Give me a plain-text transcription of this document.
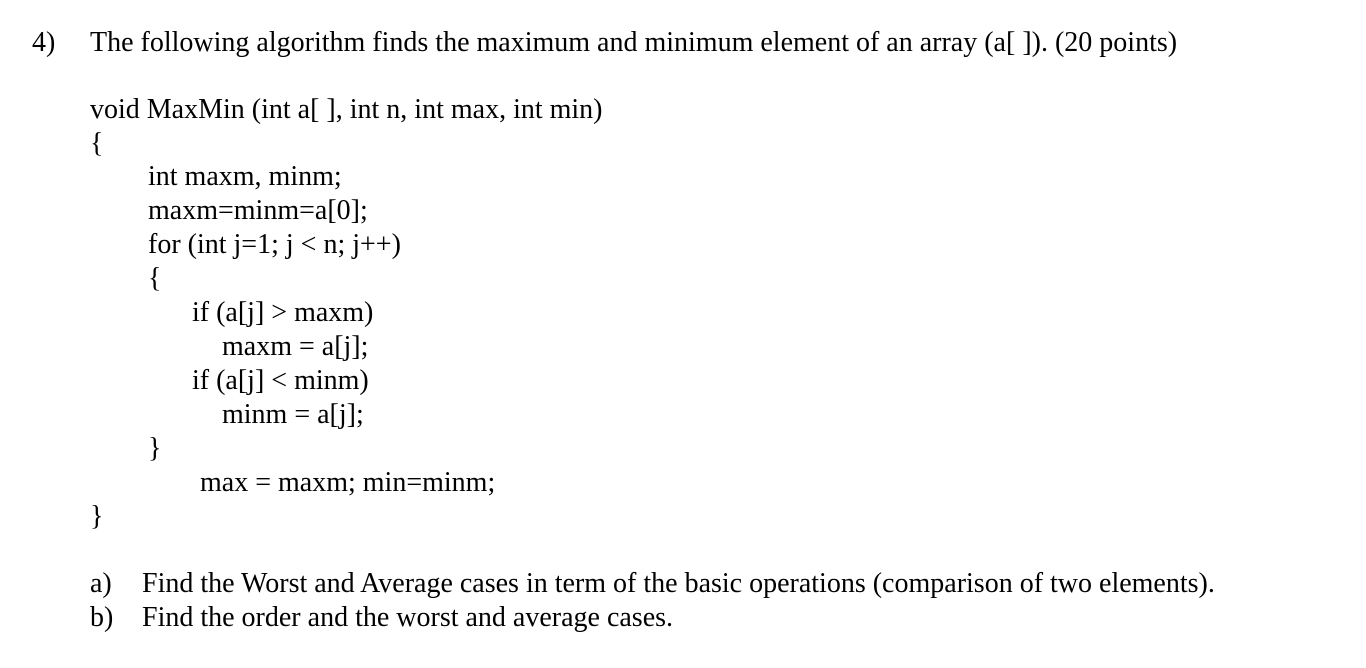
4) The following algorithm finds the maximum and minimum element of an array (a[ ]). (20 points)
void MaxMin (int a[ ], int n, int max, int min)
{
int maxm, minm;
maxm=minm=a[0];
for (int j=1; j < n; j++)
{
if (a[j] > maxm)
maxm = a[j];
if (a[j] < minm)
minm = a[j];
}
max = maxm; min=minm;
}
a) Find the Worst and Average cases in term of the basic operations (comparison of two elements).
b) Find the order and the worst and average cases.
